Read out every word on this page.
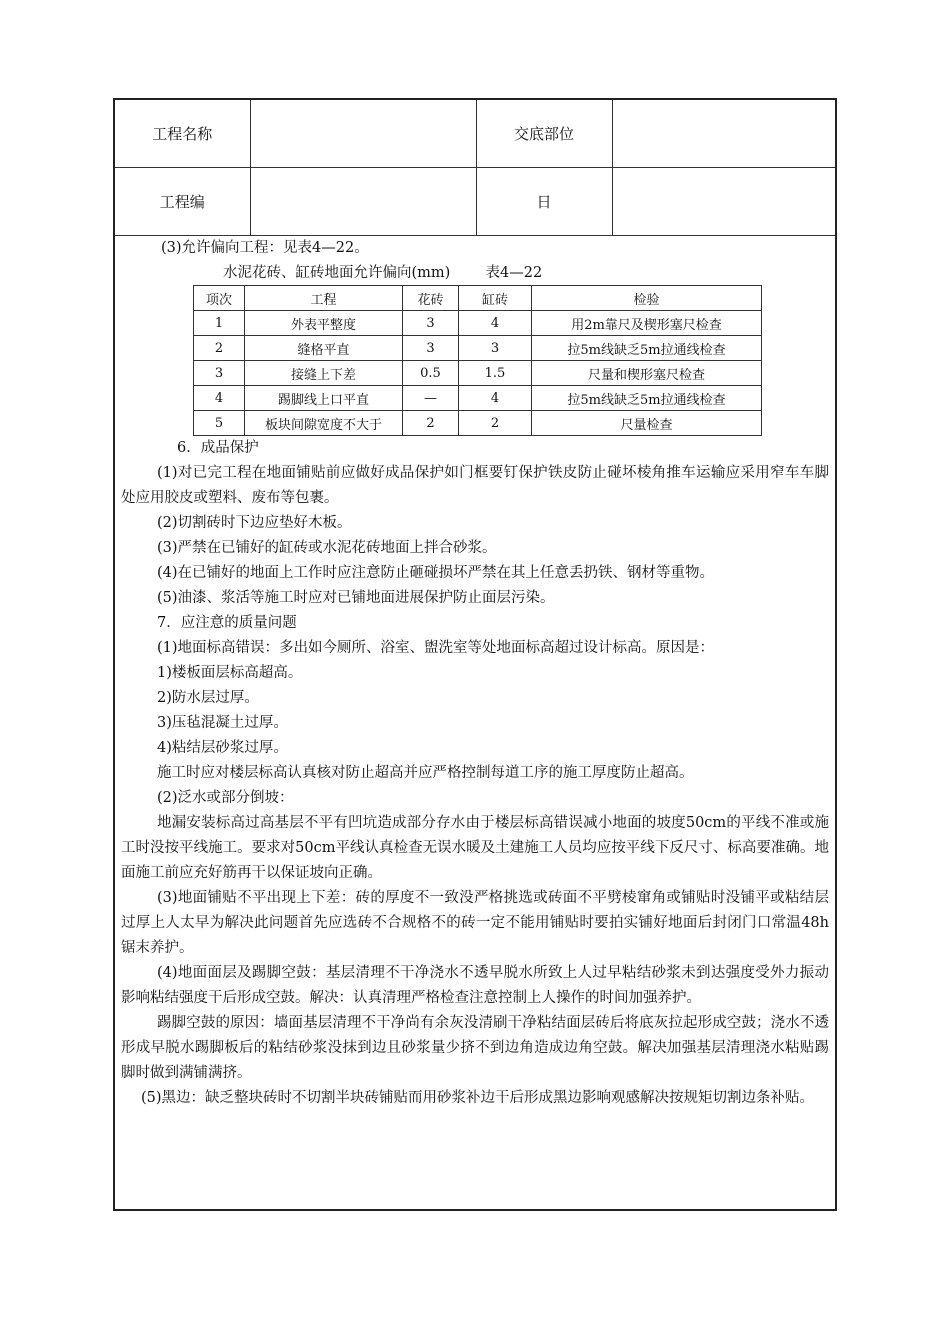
工程名称		交底部位	
工程编		日	

(3)允许偏向工程：见表4—22。

水泥花砖、缸砖地面允许偏向(mm) 表4—22

项次	工程	花砖	缸砖	检验
1	外表平整度	3	4	用2m靠尺及楔形塞尺检查
2	缝格平直	3	3	拉5m线缺乏5m拉通线检查
3	接缝上下差	0.5	1.5	尺量和楔形塞尺检查
4	踢脚线上口平直	—	4	拉5m线缺乏5m拉通线检查
5	板块间隙宽度不大于	2	2	尺量检查

6．成品保护

(1)对已完工程在地面铺贴前应做好成品保护如门框要钉保护铁皮防止碰坏棱角推车运输应采用窄车车脚处应用胶皮或塑料、废布等包裹。

(2)切割砖时下边应垫好木板。

(3)严禁在已铺好的缸砖或水泥花砖地面上拌合砂浆。

(4)在已铺好的地面上工作时应注意防止砸碰损坏严禁在其上任意丢扔铁、钢材等重物。

(5)油漆、浆活等施工时应对已铺地面进展保护防止面层污染。

7．应注意的质量问题

(1)地面标高错误：多出如今厕所、浴室、盥洗室等处地面标高超过设计标高。原因是：

1)楼板面层标高超高。

2)防水层过厚。

3)压毡混凝土过厚。

4)粘结层砂浆过厚。

施工时应对楼层标高认真核对防止超高并应严格控制每道工序的施工厚度防止超高。

(2)泛水或部分倒坡：

地漏安装标高过高基层不平有凹坑造成部分存水由于楼层标高错误减小地面的坡度50cm的平线不准或施工时没按平线施工。要求对50cm平线认真检查无误水暖及土建施工人员均应按平线下反尺寸、标高要准确。地面施工前应充好筋再干以保证坡向正确。

(3)地面铺贴不平出现上下差：砖的厚度不一致没严格挑选或砖面不平劈棱窜角或铺贴时没铺平或粘结层过厚上人太早为解决此问题首先应选砖不合规格不的砖一定不能用铺贴时要拍实铺好地面后封闭门口常温48h锯末养护。

(4)地面面层及踢脚空鼓：基层清理不干净浇水不透早脱水所致上人过早粘结砂浆未到达强度受外力振动影响粘结强度干后形成空鼓。解决：认真清理严格检查注意控制上人操作的时间加强养护。

踢脚空鼓的原因：墙面基层清理不干净尚有余灰没清刷干净粘结面层砖后将底灰拉起形成空鼓；浇水不透形成早脱水踢脚板后的粘结砂浆没抹到边且砂浆量少挤不到边角造成边角空鼓。解决加强基层清理浇水粘贴踢脚时做到满铺满挤。

(5)黑边：缺乏整块砖时不切割半块砖铺贴而用砂浆补边干后形成黑边影响观感解决按规矩切割边条补贴。
